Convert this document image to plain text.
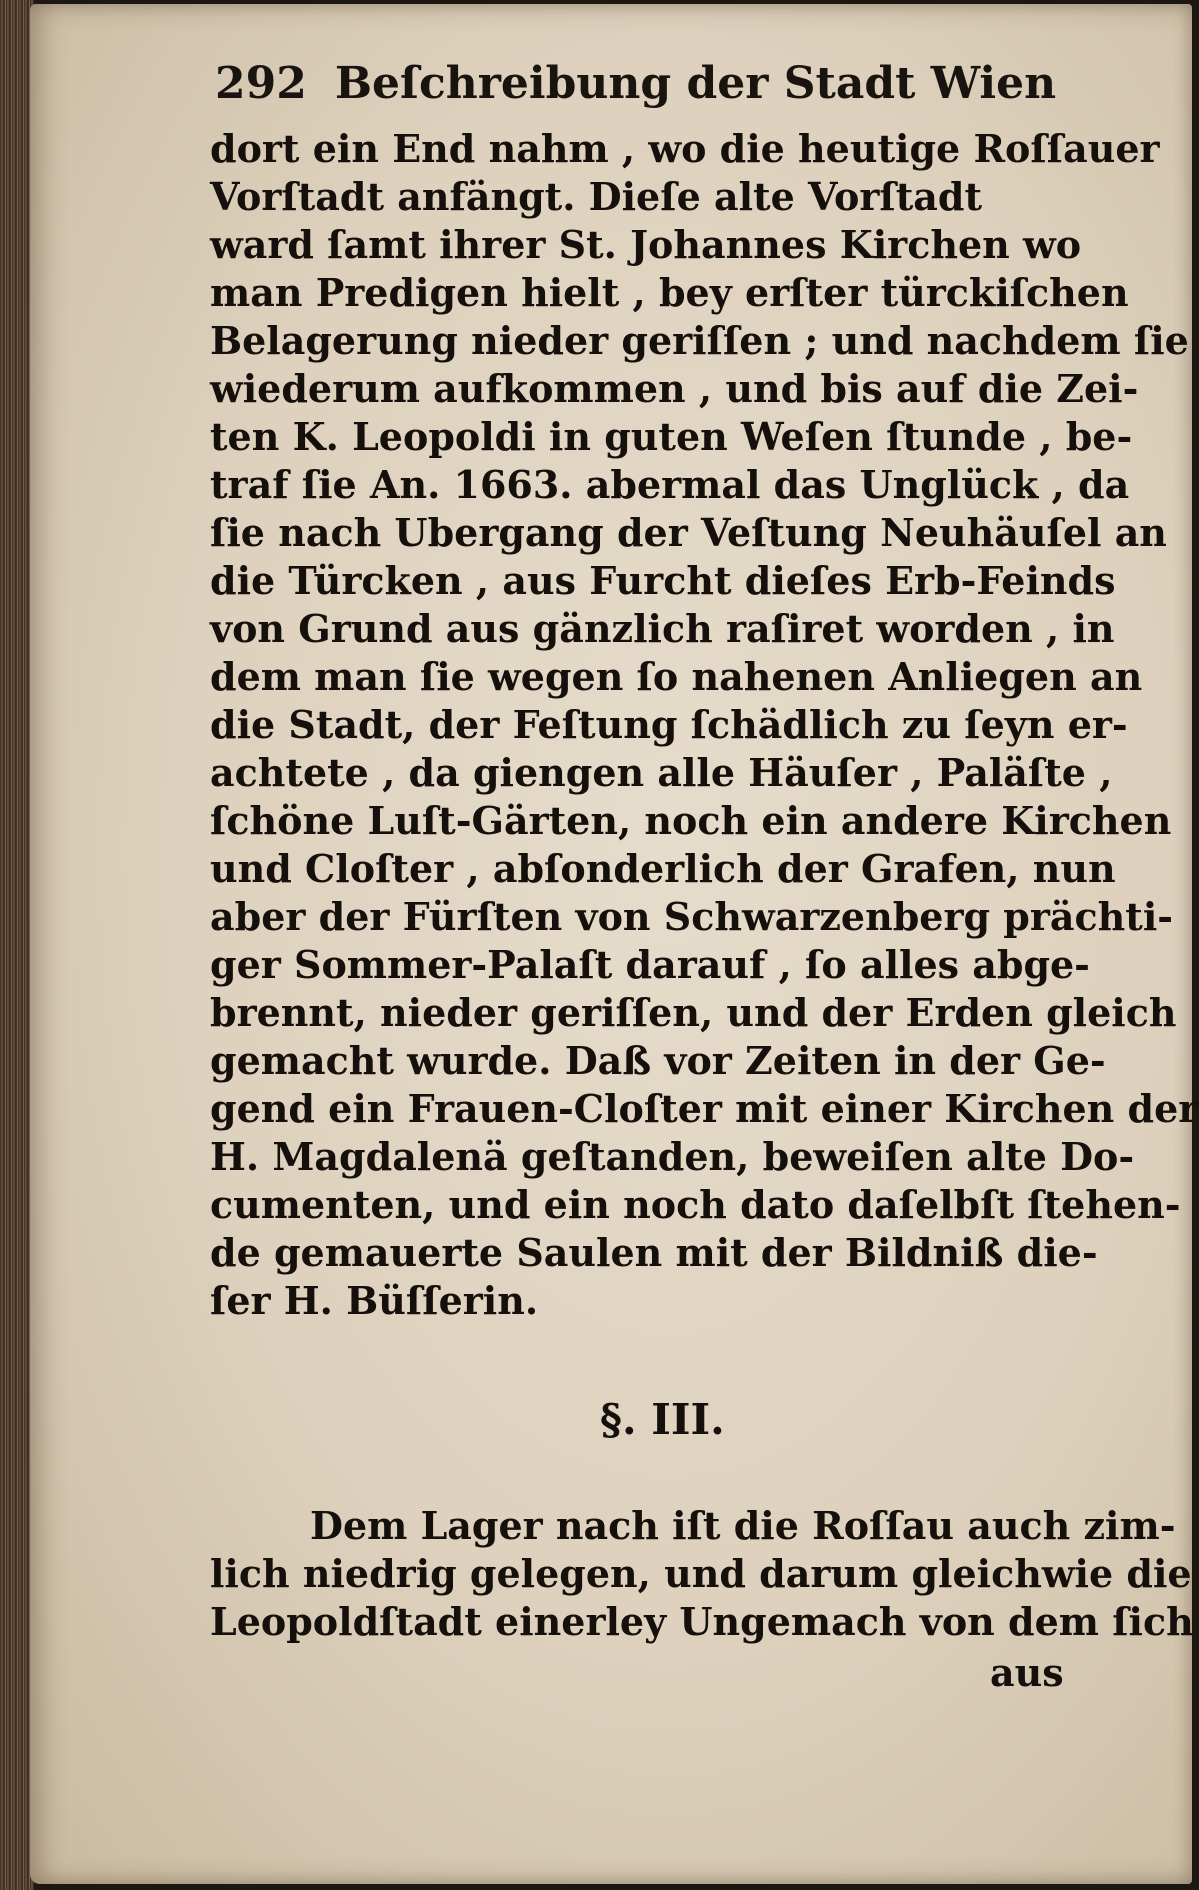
292 Beſchreibung der Stadt Wien
dort ein End nahm , wo die heutige Roſſauer
Vorſtadt anfängt. Dieſe alte Vorſtadt
ward ſamt ihrer St. Johannes Kirchen wo
man Predigen hielt , bey erſter türckiſchen
Belagerung nieder geriſſen ; und nachdem ſie
wiederum aufkommen , und bis auf die Zei-
ten K. Leopoldi in guten Weſen ſtunde , be-
traf ſie An. 1663. abermal das Unglück , da
ſie nach Ubergang der Veſtung Neuhäuſel an
die Türcken , aus Furcht dieſes Erb-Feinds
von Grund aus gänzlich raſiret worden , in
dem man ſie wegen ſo nahenen Anliegen an
die Stadt, der Feſtung ſchädlich zu ſeyn er-
achtete , da giengen alle Häuſer , Paläſte ,
ſchöne Luſt-Gärten, noch ein andere Kirchen
und Cloſter , abſonderlich der Grafen, nun
aber der Fürſten von Schwarzenberg prächti-
ger Sommer-Palaſt darauf , ſo alles abge-
brennt, nieder geriſſen, und der Erden gleich
gemacht wurde. Daß vor Zeiten in der Ge-
gend ein Frauen-Cloſter mit einer Kirchen der
H. Magdalenä geſtanden, beweiſen alte Do-
cumenten, und ein noch dato daſelbſt ſtehen-
de gemauerte Saulen mit der Bildniß die-
ſer H. Büſſerin.
§. III.
Dem Lager nach iſt die Roſſau auch zim-
lich niedrig gelegen, und darum gleichwie die
Leopoldſtadt einerley Ungemach von dem ſich
aus
